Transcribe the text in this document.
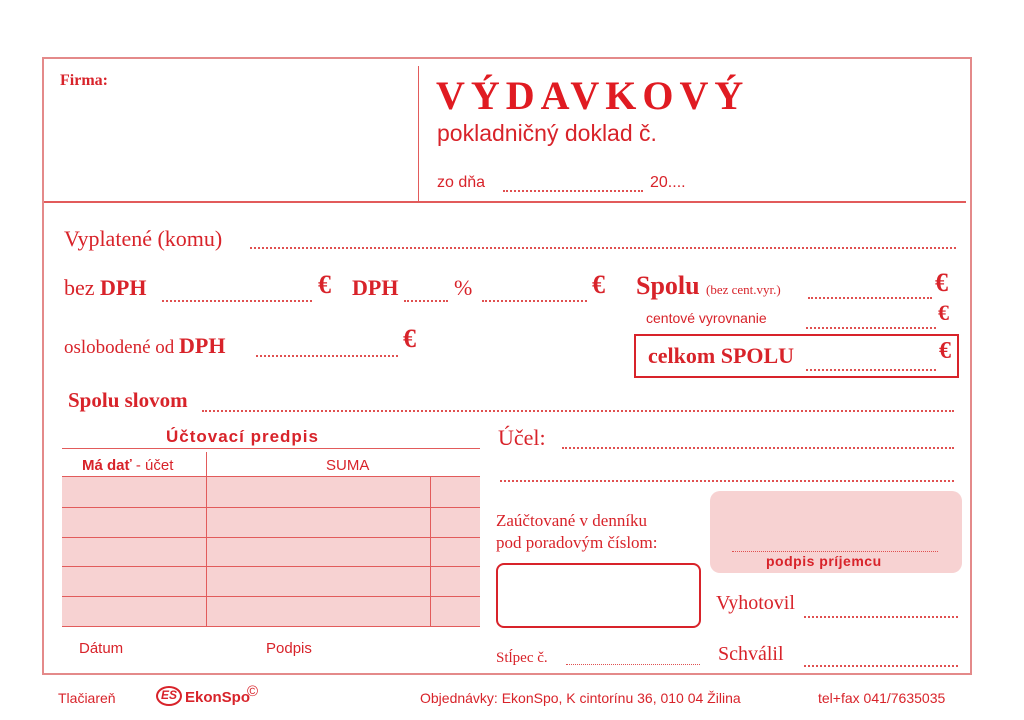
Firma:	VÝDAVKOVÝ
pokladničný doklad č.
zo dňa	20....
Vyplatené (komu)
bez DPH	€ DPH	%	€ Spolu (bez cent.vyr.)	€
centové vyrovnanie	€
oslobodené od DPH	€
celkom SPOLU	€
Spolu slovom
Účtovací predpis
Má dať - účet	SUMA
Dátum	Podpis
Účel:
Zaúčtované v denníku
pod poradovým číslom:
podpis príjemcu
Vyhotovil
Schválil
Stĺpec č.
Tlačiareň	ES EkonSpo
©	Objednávky: EkonSpo, K cintorínu 36, 010 04 Žilina	tel+fax 041/7635035
